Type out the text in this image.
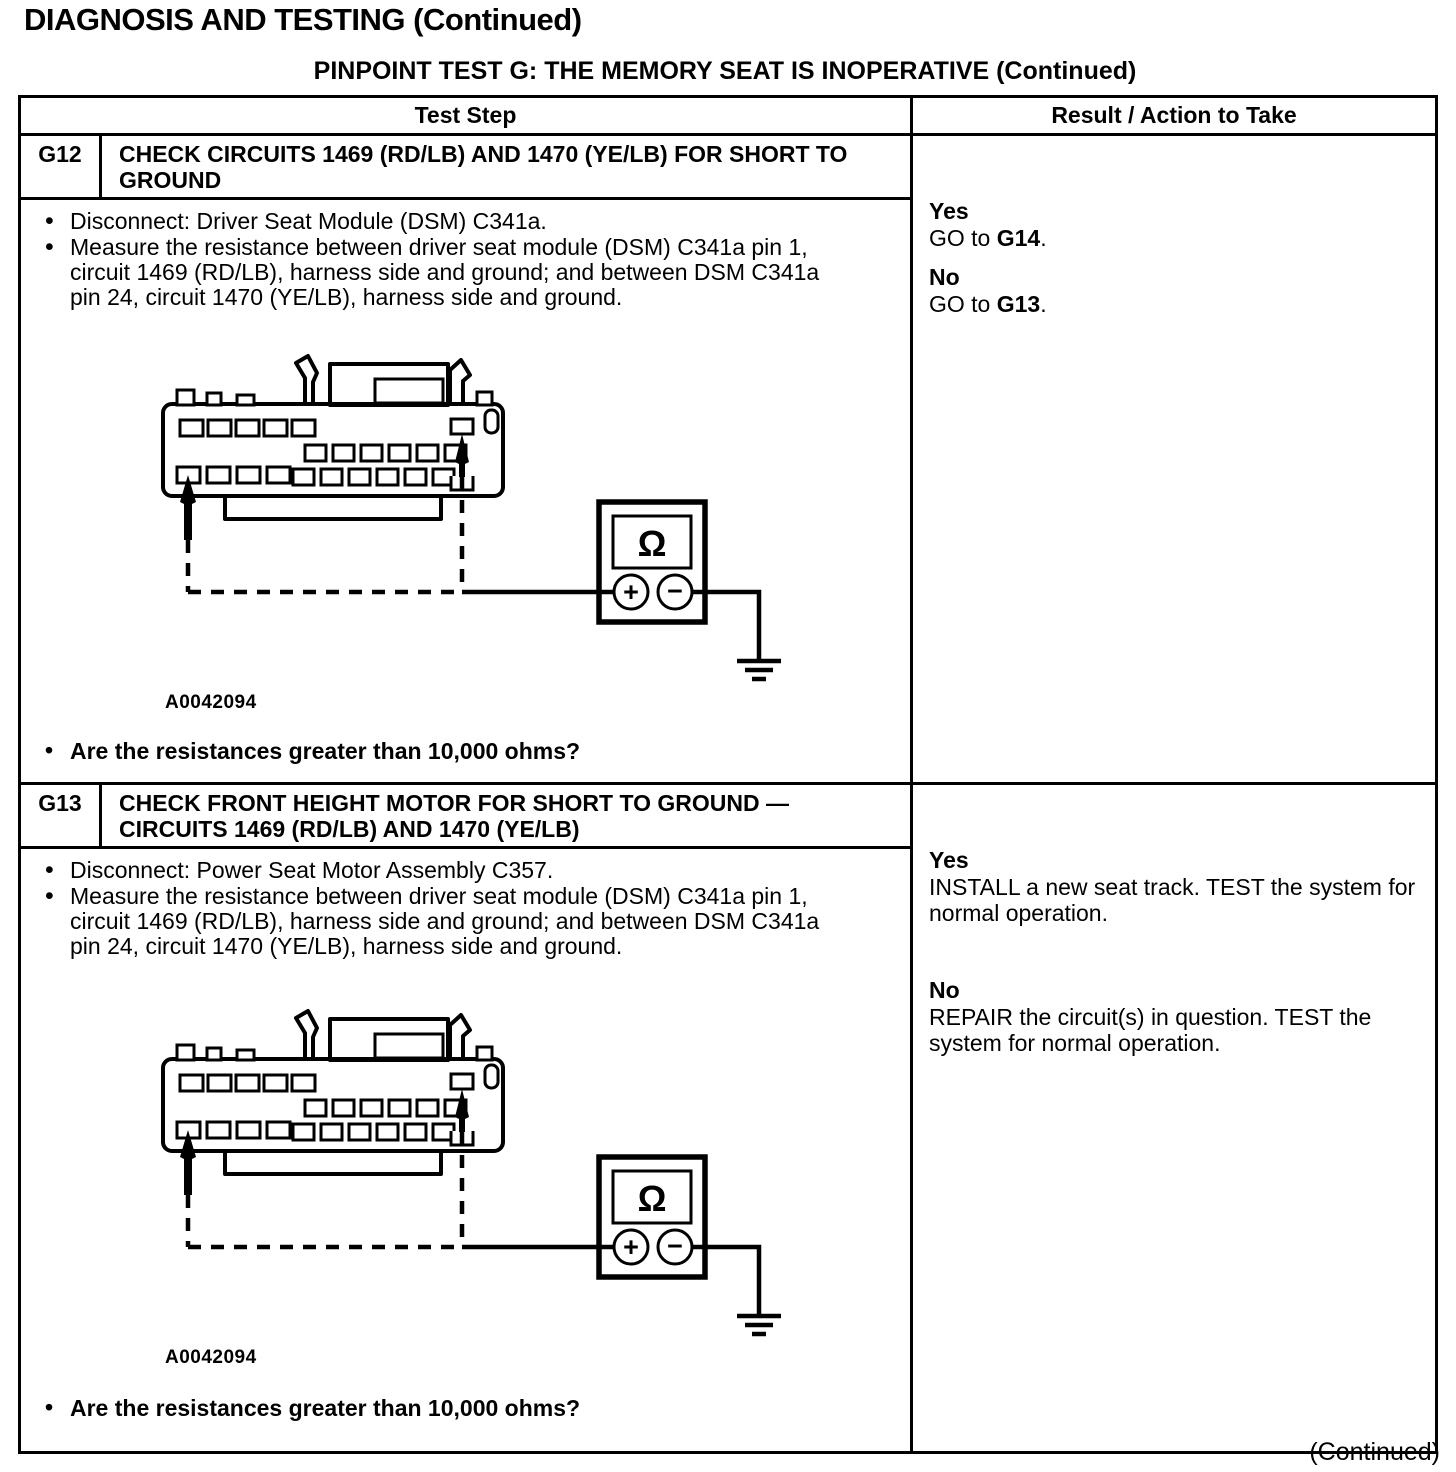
DIAGNOSIS AND TESTING (Continued)
PINPOINT TEST G: THE MEMORY SEAT IS INOPERATIVE (Continued)
Test Step	Result / Action to Take
G12	CHECK CIRCUITS 1469 (RD/LB) AND 1470 (YE/LB) FOR SHORT TO GROUND
• Disconnect: Driver Seat Module (DSM) C341a.
• Measure the resistance between driver seat module (DSM) C341a pin 1, circuit 1469 (RD/LB), harness side and ground; and between DSM C341a pin 24, circuit 1470 (YE/LB), harness side and ground.
Ω
+ −
A0042094
• Are the resistances greater than 10,000 ohms?
Yes
GO to G14.
No
GO to G13.
G13	CHECK FRONT HEIGHT MOTOR FOR SHORT TO GROUND — CIRCUITS 1469 (RD/LB) AND 1470 (YE/LB)
• Disconnect: Power Seat Motor Assembly C357.
• Measure the resistance between driver seat module (DSM) C341a pin 1, circuit 1469 (RD/LB), harness side and ground; and between DSM C341a pin 24, circuit 1470 (YE/LB), harness side and ground.
Ω
+ −
A0042094
• Are the resistances greater than 10,000 ohms?
Yes
INSTALL a new seat track. TEST the system for normal operation.
No
REPAIR the circuit(s) in question. TEST the system for normal operation.
(Continued)
